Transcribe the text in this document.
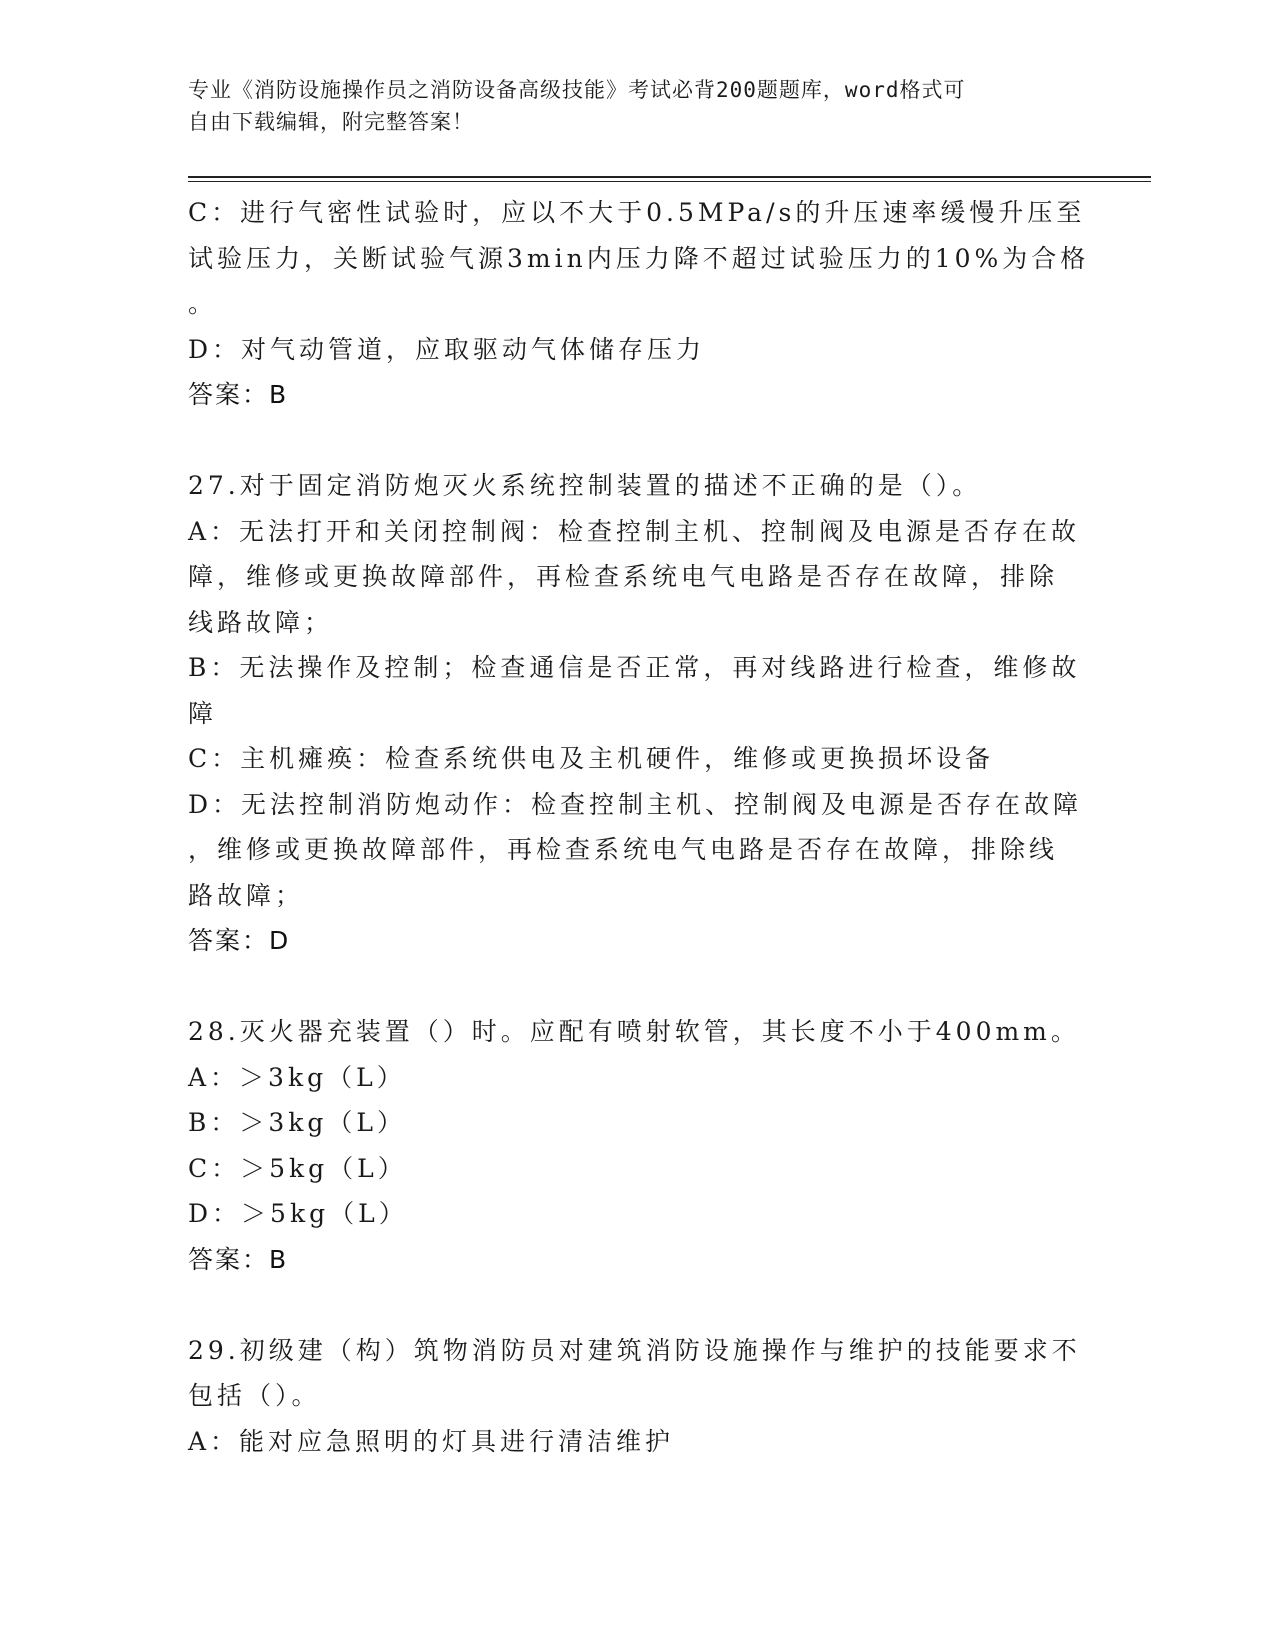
专业《消防设施操作员之消防设备高级技能》考试必背200题题库，word格式可
自由下载编辑，附完整答案！
C：进行气密性试验时，应以不大于0.5MPa/s的升压速率缓慢升压至
试验压力，关断试验气源3min内压力降不超过试验压力的10%为合格
。
D：对气动管道，应取驱动气体储存压力
答案：B
27.对于固定消防炮灭火系统控制装置的描述不正确的是（）。
A：无法打开和关闭控制阀：检查控制主机、控制阀及电源是否存在故
障，维修或更换故障部件，再检查系统电气电路是否存在故障，排除
线路故障；
B：无法操作及控制；检查通信是否正常，再对线路进行检查，维修故
障
C：主机瘫痪：检查系统供电及主机硬件，维修或更换损坏设备
D：无法控制消防炮动作：检查控制主机、控制阀及电源是否存在故障
，维修或更换故障部件，再检查系统电气电路是否存在故障，排除线
路故障；
答案：D
28.灭火器充装置（）时。应配有喷射软管，其长度不小于400mm。
A：＞3kg（L）
B：＞3kg（L）
C：＞5kg（L）
D：＞5kg（L）
答案：B
29.初级建（构）筑物消防员对建筑消防设施操作与维护的技能要求不
包括（）。
A：能对应急照明的灯具进行清洁维护
